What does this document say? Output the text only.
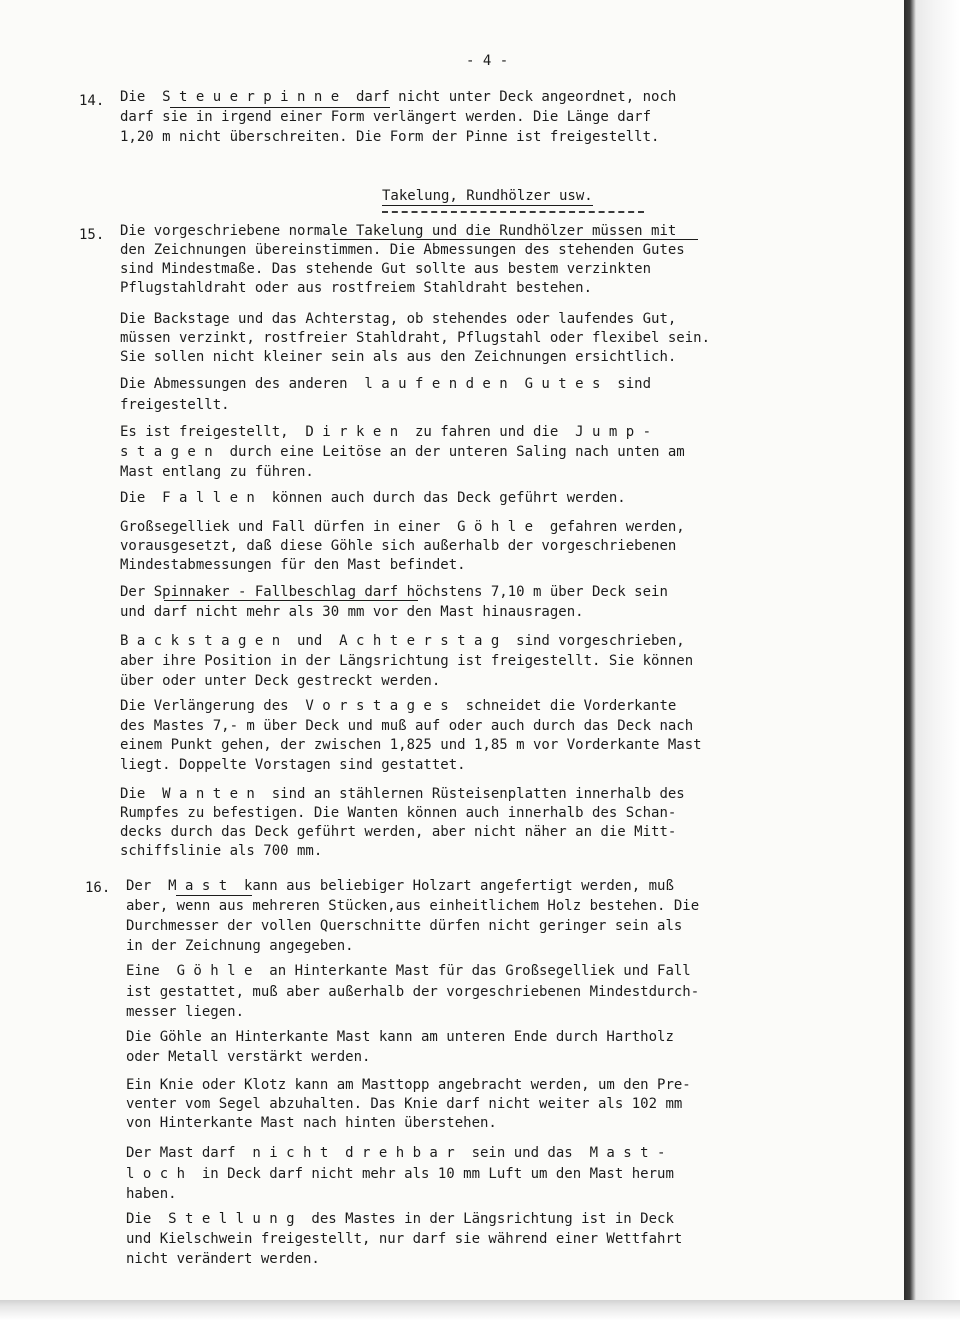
- 4 -
14. Die  S t e u e r p i n n e  darf nicht unter Deck angeordnet, noch
darf sie in irgend einer Form verlängert werden. Die Länge darf
1,20 m nicht überschreiten. Die Form der Pinne ist freigestellt.
Takelung, Rundhölzer usw.
15. Die vorgeschriebene normale Takelung und die Rundhölzer müssen mit
den Zeichnungen übereinstimmen. Die Abmessungen des stehenden Gutes
sind Mindestmaße. Das stehende Gut sollte aus bestem verzinkten
Pflugstahldraht oder aus rostfreiem Stahldraht bestehen.
Die Backstage und das Achterstag, ob stehendes oder laufendes Gut,
müssen verzinkt, rostfreier Stahldraht, Pflugstahl oder flexibel sein.
Sie sollen nicht kleiner sein als aus den Zeichnungen ersichtlich.
Die Abmessungen des anderen  l a u f e n d e n  G u t e s  sind
freigestellt.
Es ist freigestellt,  D i r k e n  zu fahren und die  J u m p -
s t a g e n  durch eine Leitöse an der unteren Saling nach unten am
Mast entlang zu führen.
Die  F a l l e n  können auch durch das Deck geführt werden.
Großsegelliek und Fall dürfen in einer  G ö h l e  gefahren werden,
vorausgesetzt, daß diese Göhle sich außerhalb der vorgeschriebenen
Mindestabmessungen für den Mast befindet.
Der Spinnaker - Fallbeschlag darf höchstens 7,10 m über Deck sein
und darf nicht mehr als 30 mm vor den Mast hinausragen.
B a c k s t a g e n  und  A c h t e r s t a g  sind vorgeschrieben,
aber ihre Position in der Längsrichtung ist freigestellt. Sie können
über oder unter Deck gestreckt werden.
Die Verlängerung des  V o r s t a g e s  schneidet die Vorderkante
des Mastes 7,- m über Deck und muß auf oder auch durch das Deck nach
einem Punkt gehen, der zwischen 1,825 und 1,85 m vor Vorderkante Mast
liegt. Doppelte Vorstagen sind gestattet.
Die  W a n t e n  sind an stählernen Rüsteisenplatten innerhalb des
Rumpfes zu befestigen. Die Wanten können auch innerhalb des Schan-
decks durch das Deck geführt werden, aber nicht näher an die Mitt-
schiffslinie als 700 mm.
16. Der  M a s t  kann aus beliebiger Holzart angefertigt werden, muß
aber, wenn aus mehreren Stücken,aus einheitlichem Holz bestehen. Die
Durchmesser der vollen Querschnitte dürfen nicht geringer sein als
in der Zeichnung angegeben.
Eine  G ö h l e  an Hinterkante Mast für das Großsegelliek und Fall
ist gestattet, muß aber außerhalb der vorgeschriebenen Mindestdurch-
messer liegen.
Die Göhle an Hinterkante Mast kann am unteren Ende durch Hartholz
oder Metall verstärkt werden.
Ein Knie oder Klotz kann am Masttopp angebracht werden, um den Pre-
venter vom Segel abzuhalten. Das Knie darf nicht weiter als 102 mm
von Hinterkante Mast nach hinten überstehen.
Der Mast darf  n i c h t  d r e h b a r  sein und das  M a s t -
l o c h  in Deck darf nicht mehr als 10 mm Luft um den Mast herum
haben.
Die  S t e l l u n g  des Mastes in der Längsrichtung ist in Deck
und Kielschwein freigestellt, nur darf sie während einer Wettfahrt
nicht verändert werden.
